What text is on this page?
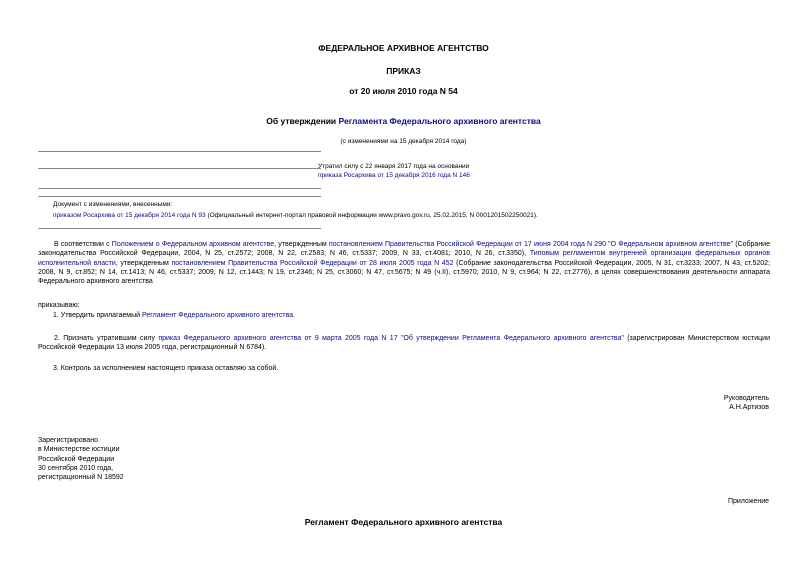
ФЕДЕРАЛЬНОЕ АРХИВНОЕ АГЕНТСТВО
ПРИКАЗ
от 20 июля 2010 года N 54
Об утверждении Регламента Федерального архивного агентства
(с изменениями на 15 декабря 2014 года)
Утратил силу с 22 января 2017 года на основании
приказа Росархива от 15 декабря 2016 года N 146
Документ с изменениями, внесенными:
приказом Росархива от 15 декабря 2014 года N 93 (Официальный интернет-портал правовой информации www.pravo.gov.ru, 25.02.2015, N 0001201502250021).
В соответствии с Положением о Федеральном архивном агентстве, утвержденным постановлением Правительства Российской Федерации от 17 июня 2004 года N 290 "О Федеральном архивном агентстве" (Собрание законодательства Российской Федерации, 2004, N 25, ст.2572; 2008, N 22, ст.2583; N 46, ст.5337; 2009, N 33, ст.4081; 2010, N 26, ст.3350), Типовым регламентом внутренней организации федеральных органов исполнительной власти, утвержденным постановлением Правительства Российской Федерации от 28 июля 2005 года N 452 (Собрание законодательства Российской Федерации, 2005, N 31, ст.3233; 2007, N 43, ст.5202; 2008, N 9, ст.852; N 14, ст.1413; N 46, ст.5337; 2009, N 12, ст.1443; N 19, ст.2346; N 25, ст.3060; N 47, ст.5675; N 49 (ч.II), ст.5970; 2010, N 9, ст.964; N 22, ст.2776), в целях совершенствования деятельности аппарата Федерального архивного агентства
приказываю:
1. Утвердить прилагаемый Регламент Федерального архивного агентства.
2. Признать утратившим силу приказ Федерального архивного агентства от 9 марта 2005 года N 17 "Об утверждении Регламента Федерального архивного агентства" (зарегистрирован Министерством юстиции Российской Федерации 13 июля 2005 года, регистрационный N 6784).
3. Контроль за исполнением настоящего приказа оставляю за собой.
Руководитель
А.Н.Артизов
Зарегистрировано
в Министерстве юстиции
Российской Федерации
30 сентября 2010 года,
регистрационный N 18592
Приложение
Регламент Федерального архивного агентства
